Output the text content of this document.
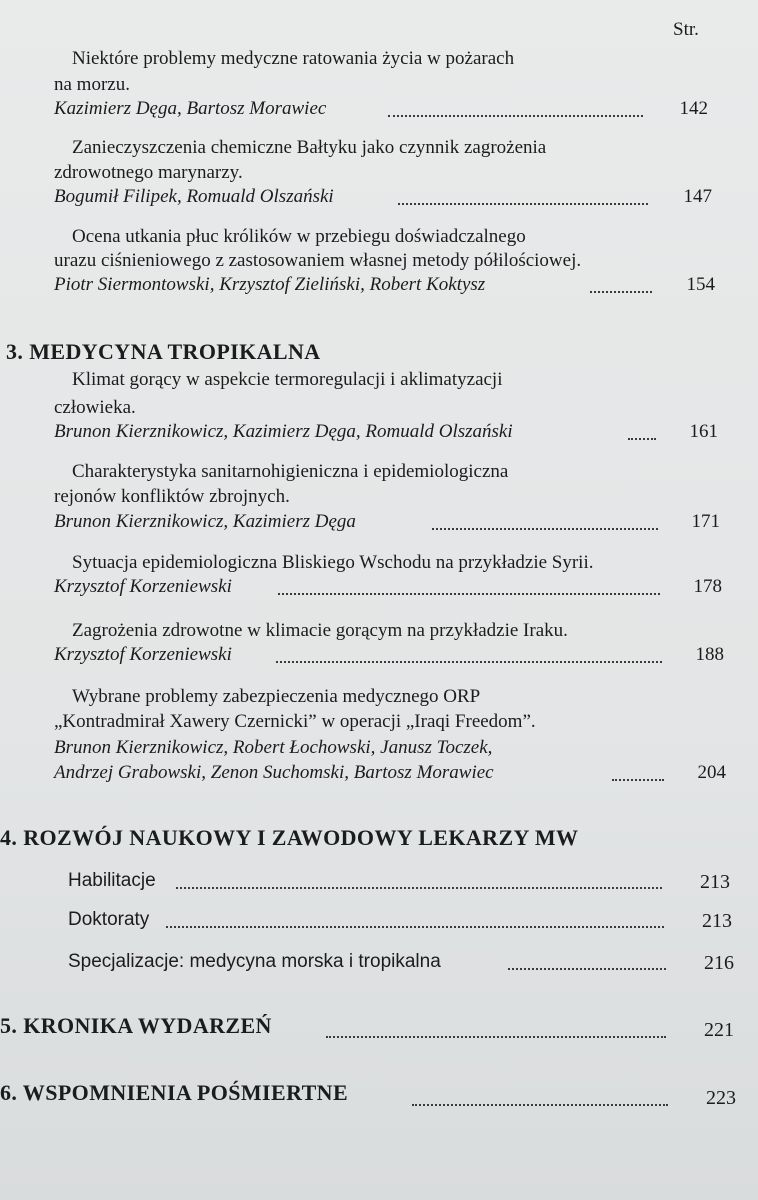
Str.
Niektóre problemy medyczne ratowania życia w pożarach
na morzu.
Kazimierz Dęga, Bartosz Morawiec	142
Zanieczyszczenia chemiczne Bałtyku jako czynnik zagrożenia
zdrowotnego marynarzy.
Bogumił Filipek, Romuald Olszański	147
Ocena utkania płuc królików w przebiegu doświadczalnego
urazu ciśnieniowego z zastosowaniem własnej metody półilościowej.
Piotr Siermontowski, Krzysztof Zieliński, Robert Koktysz	154
3. MEDYCYNA TROPIKALNA
Klimat gorący w aspekcie termoregulacji i aklimatyzacji
człowieka.
Brunon Kierznikowicz, Kazimierz Dęga, Romuald Olszański	161
Charakterystyka sanitarnohigieniczna i epidemiologiczna
rejonów konfliktów zbrojnych.
Brunon Kierznikowicz, Kazimierz Dęga	171
Sytuacja epidemiologiczna Bliskiego Wschodu na przykładzie Syrii.
Krzysztof Korzeniewski	178
Zagrożenia zdrowotne w klimacie gorącym na przykładzie Iraku.
Krzysztof Korzeniewski	188
Wybrane problemy zabezpieczenia medycznego ORP
„Kontradmirał Xawery Czernicki” w operacji „Iraqi Freedom”.
Brunon Kierznikowicz, Robert Łochowski, Janusz Toczek,
Andrzej Grabowski, Zenon Suchomski, Bartosz Morawiec	204
4. ROZWÓJ NAUKOWY I ZAWODOWY LEKARZY MW
Habilitacje	213
Doktoraty	213
Specjalizacje: medycyna morska i tropikalna	216
5. KRONIKA WYDARZEŃ	221
6. WSPOMNIENIA POŚMIERTNE	223
